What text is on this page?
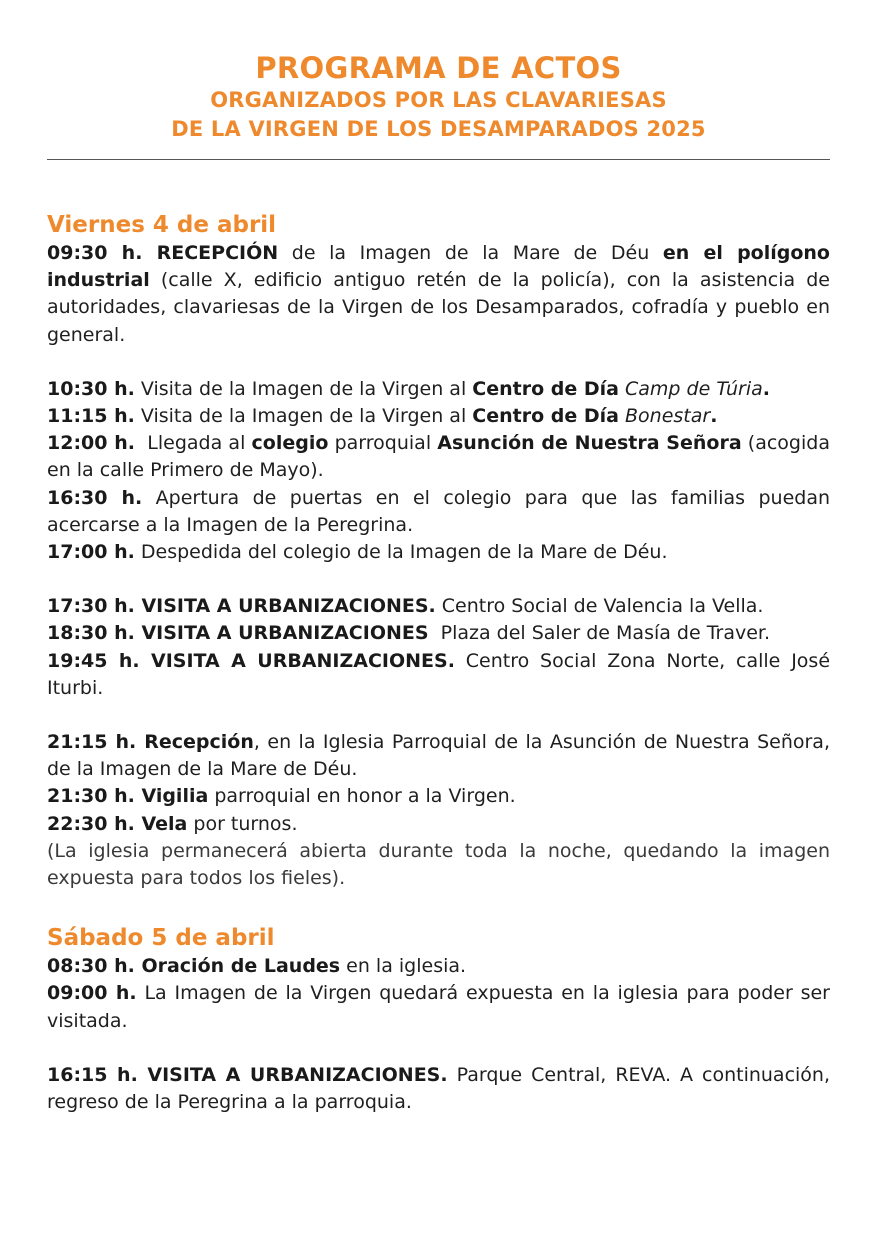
PROGRAMA DE ACTOS
ORGANIZADOS POR LAS CLAVARIESAS
DE LA VIRGEN DE LOS DESAMPARADOS 2025
Viernes 4 de abril

09:30 h. RECEPCIÓN de la Imagen de la Mare de Déu en el polígono industrial (calle X, edificio antiguo retén de la policía), con la asistencia de autoridades, clavariesas de la Virgen de los Desamparados, cofradía y pueblo en general.

10:30 h. Visita de la Imagen de la Virgen al Centro de Día Camp de Túria.

11:15 h. Visita de la Imagen de la Virgen al Centro de Día Bonestar.

12:00 h.  Llegada al colegio parroquial Asunción de Nuestra Señora (acogida en la calle Primero de Mayo).

16:30 h. Apertura de puertas en el colegio para que las familias puedan acercarse a la Imagen de la Peregrina.

17:00 h. Despedida del colegio de la Imagen de la Mare de Déu.

17:30 h. VISITA A URBANIZACIONES. Centro Social de Valencia la Vella.

18:30 h. VISITA A URBANIZACIONES  Plaza del Saler de Masía de Traver.

19:45 h. VISITA A URBANIZACIONES. Centro Social Zona Norte, calle José Iturbi.

21:15 h. Recepción, en la Iglesia Parroquial de la Asunción de Nuestra Señora, de la Imagen de la Mare de Déu.

21:30 h. Vigilia parroquial en honor a la Virgen.

22:30 h. Vela por turnos.

(La iglesia permanecerá abierta durante toda la noche, quedando la imagen expuesta para todos los fieles).

Sábado 5 de abril

08:30 h. Oración de Laudes en la iglesia.

09:00 h. La Imagen de la Virgen quedará expuesta en la iglesia para poder ser visitada.

16:15 h. VISITA A URBANIZACIONES. Parque Central, REVA. A continuación, regreso de la Peregrina a la parroquia.
